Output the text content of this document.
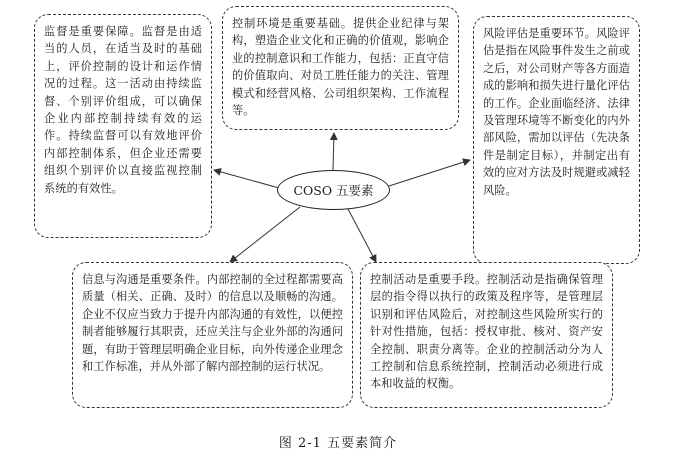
监督是重要保障。监督是由适当的人员，在适当及时的基础上，评价控制的设计和运作情况的过程。这一活动由持续监督、个别评价组成，可以确保企业内部控制持续有效的运作。持续监督可以有效地评价内部控制体系，但企业还需要组织个别评价以直接监视控制系统的有效性。
控制环境是重要基础。提供企业纪律与架构，塑造企业文化和正确的价值观，影响企业的控制意识和工作能力，包括：正直守信的价值取向、对员工胜任能力的关注、管理模式和经营风格、公司组织架构、工作流程等。
风险评估是重要环节。风险评估是指在风险事件发生之前或之后，对公司财产等各方面造成的影响和损失进行量化评估的工作。企业面临经济、法律及管理环境等不断变化的内外部风险，需加以评估（先决条件是制定目标），并制定出有效的应对方法及时规避或减轻风险。
信息与沟通是重要条件。内部控制的全过程都需要高质量（相关、正确、及时）的信息以及顺畅的沟通。企业不仅应当致力于提升内部沟通的有效性，以便控制者能够履行其职责，还应关注与企业外部的沟通问题，有助于管理层明确企业目标，向外传递企业理念和工作标准，并从外部了解内部控制的运行状况。
控制活动是重要手段。控制活动是指确保管理层的指令得以执行的政策及程序等，是管理层识别和评估风险后，对控制这些风险所实行的针对性措施，包括：授权审批、核对、资产安全控制、职责分离等。企业的控制活动分为人工控制和信息系统控制，控制活动必须进行成本和收益的权衡。
COSO 五要素
图 2-1 五要素简介
